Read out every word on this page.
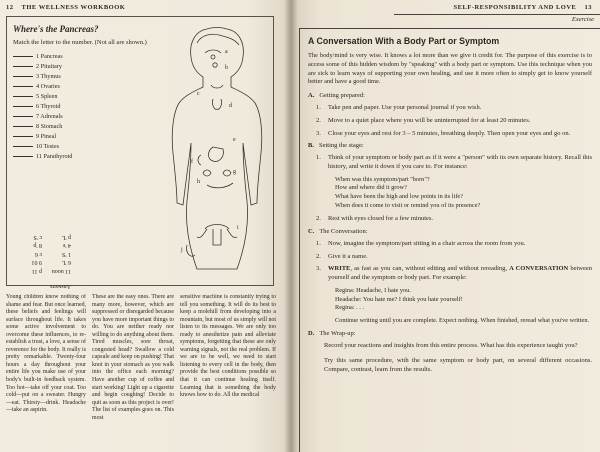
12 THE WELLNESS WORKBOOK
Where's the Pancreas?
Match the letter to the number. (Not all are shown.)
1 Pancreas
2 Pituitary
3 Thymus
4 Ovaries
5 Spleen
6 Thyroid
7 Adrenals
8 Stomach
9 Pineal
10 Testes
11 Parathyroid
Answers
11 uoou
p 11
6 'L
9 01
1 'S
c 6
4 'e
8 'p
p 'L
c 'S
a
b
c
d
e
f
g
h
i
j
Young children know nothing of shame and fear. But once learned, these beliefs and feelings will surface throughout life. It takes some active involvement to overcome these influences, to re-establish a trust, a love, a sense of reverence for the body. It really is pretty remarkable. Twenty-four hours a day throughout your entire life you make use of your body's built-in feedback system. Too hot—take off your coat. Too cold—put on a sweater. Hungry—eat. Thirsty—drink. Headache—take an aspirin.
These are the easy ones. There are many more, however, which are suppressed or disregarded because you have more important things to do. You are neither ready nor willing to do anything about them. Tired muscles, sore throat, congested head? Swallow a cold capsule and keep on pushing! That knot in your stomach as you walk into the office each morning? Have another cup of coffee and start working! Light up a cigarette and begin coughing! Decide to quit as soon as this project is over! The list of examples goes on. This most
sensitive machine is constantly trying to tell you something. It will do its best to keep a molehill from developing into a mountain, but most of us simply will not listen to its messages. We are only too ready to anesthetize pain and alleviate symptoms, forgetting that these are only warning signals, not the real problem. If we are to be well, we need to start listening to every cell in the body, then provide the best conditions possible so that it can continue healing itself. Learning that is something the body knows how to do. All the medical
SELF-RESPONSIBILITY AND LOVE 13
Exercise
A Conversation With a Body Part or Symptom

The body/mind is very wise. It knows a lot more than we give it credit for. The purpose of this exercise is to access some of this hidden wisdom by "speaking" with a body part or symptom. Use this technique when you are sick to learn ways of supporting your own healing, and use it more often to simply get to know yourself better and have a good time.

A. Getting prepared:
1.	Take pen and paper. Use your personal journal if you wish.
2.	Move to a quiet place where you will be uninterrupted for at least 20 minutes.
3.	Close your eyes and rest for 3 – 5 minutes, breathing deeply. Then open your eyes and go on.
B. Setting the stage:
1.	Think of your symptom or body part as if it were a "person" with its own separate history. Recall this history, and write it down if you care to. For instance:
When was this symptom/part "born"?
How and where did it grow?
What have been the high and low points in its life?
When does it come to visit or remind you of its presence?
2.	Rest with eyes closed for a few minutes.
C. The Conversation:
1.	Now, imagine the symptom/part sitting in a chair across the room from you.
2.	Give it a name.
3.	WRITE, as fast as you can, without editing and without rereading, A CONVERSATION between yourself and the symptom or body part. For example:
Regina: Headache, I hate you.
Headache: You hate me? I think you hate yourself!
Regina: . . .
Continue writing until you are complete. Expect nothing. When finished, reread what you've written.
D. The Wrap-up:

Record your reactions and insights from this entire process. What has this experience taught you?

Try this same procedure, with the same symptom or body part, on several different occasions. Compare, contrast, learn from the results.
